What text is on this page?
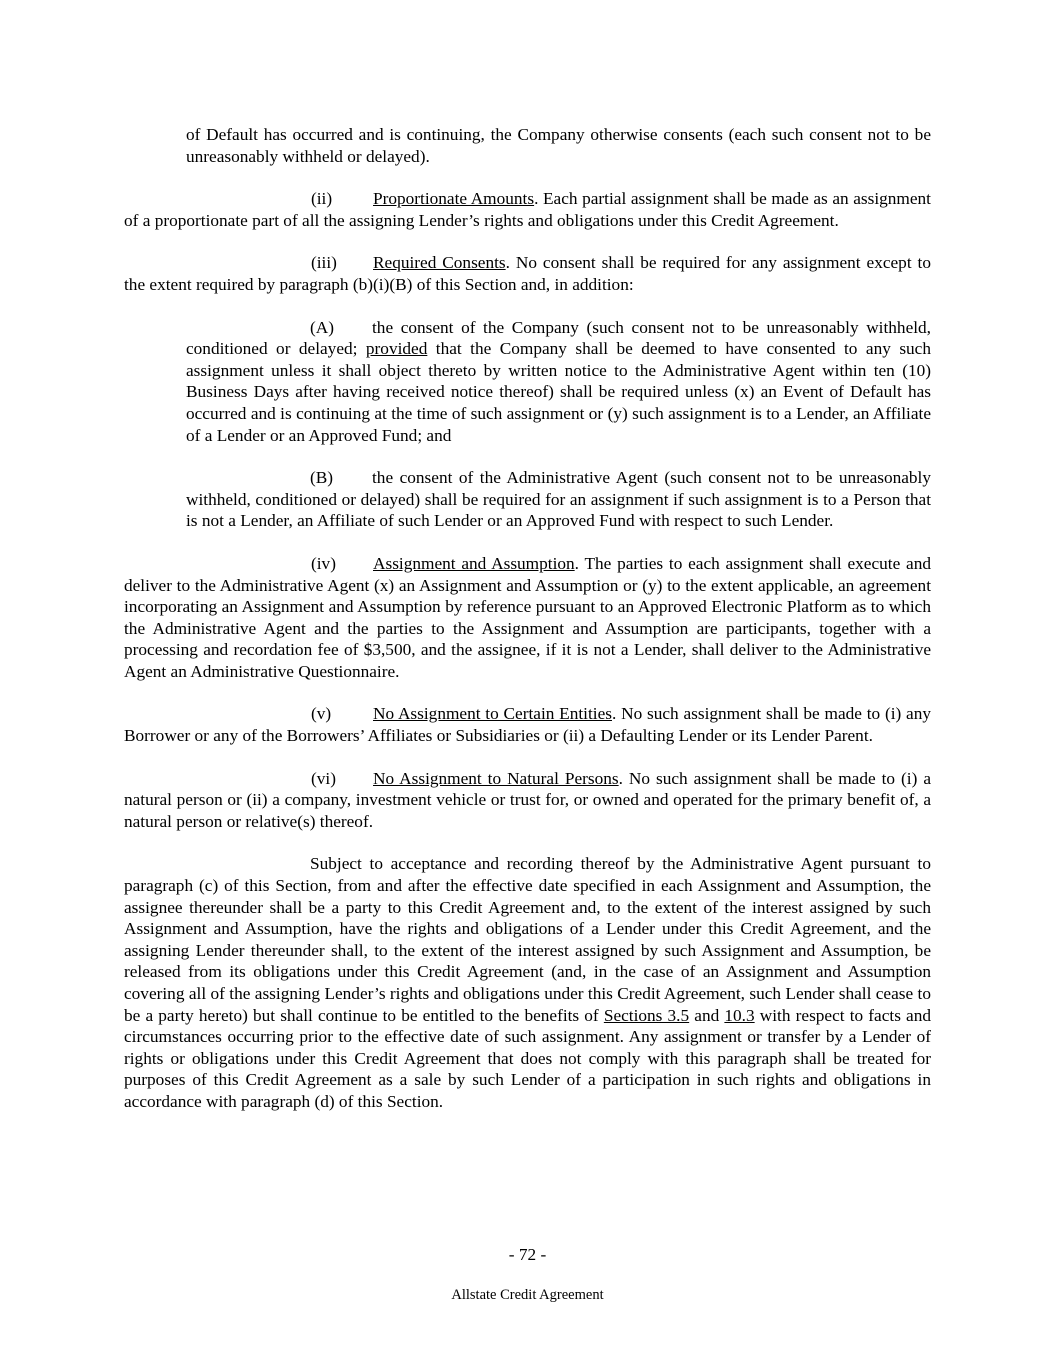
of Default has occurred and is continuing, the Company otherwise consents (each such consent not to be unreasonably withheld or delayed).

(ii) Proportionate Amounts. Each partial assignment shall be made as an assignment of a proportionate part of all the assigning Lender’s rights and obligations under this Credit Agreement.

(iii) Required Consents. No consent shall be required for any assignment except to the extent required by paragraph (b)(i)(B) of this Section and, in addition:

(A) the consent of the Company (such consent not to be unreasonably withheld, conditioned or delayed; provided that the Company shall be deemed to have consented to any such assignment unless it shall object thereto by written notice to the Administrative Agent within ten (10) Business Days after having received notice thereof) shall be required unless (x) an Event of Default has occurred and is continuing at the time of such assignment or (y) such assignment is to a Lender, an Affiliate of a Lender or an Approved Fund; and

(B) the consent of the Administrative Agent (such consent not to be unreasonably withheld, conditioned or delayed) shall be required for an assignment if such assignment is to a Person that is not a Lender, an Affiliate of such Lender or an Approved Fund with respect to such Lender.

(iv) Assignment and Assumption. The parties to each assignment shall execute and deliver to the Administrative Agent (x) an Assignment and Assumption or (y) to the extent applicable, an agreement incorporating an Assignment and Assumption by reference pursuant to an Approved Electronic Platform as to which the Administrative Agent and the parties to the Assignment and Assumption are participants, together with a processing and recordation fee of $3,500, and the assignee, if it is not a Lender, shall deliver to the Administrative Agent an Administrative Questionnaire.

(v) No Assignment to Certain Entities. No such assignment shall be made to (i) any Borrower or any of the Borrowers’ Affiliates or Subsidiaries or (ii) a Defaulting Lender or its Lender Parent.

(vi) No Assignment to Natural Persons. No such assignment shall be made to (i) a natural person or (ii) a company, investment vehicle or trust for, or owned and operated for the primary benefit of, a natural person or relative(s) thereof.

Subject to acceptance and recording thereof by the Administrative Agent pursuant to paragraph (c) of this Section, from and after the effective date specified in each Assignment and Assumption, the assignee thereunder shall be a party to this Credit Agreement and, to the extent of the interest assigned by such Assignment and Assumption, have the rights and obligations of a Lender under this Credit Agreement, and the assigning Lender thereunder shall, to the extent of the interest assigned by such Assignment and Assumption, be released from its obligations under this Credit Agreement (and, in the case of an Assignment and Assumption covering all of the assigning Lender’s rights and obligations under this Credit Agreement, such Lender shall cease to be a party hereto) but shall continue to be entitled to the benefits of Sections 3.5 and 10.3 with respect to facts and circumstances occurring prior to the effective date of such assignment. Any assignment or transfer by a Lender of rights or obligations under this Credit Agreement that does not comply with this paragraph shall be treated for purposes of this Credit Agreement as a sale by such Lender of a participation in such rights and obligations in accordance with paragraph (d) of this Section.

- 72 -
Allstate Credit Agreement
